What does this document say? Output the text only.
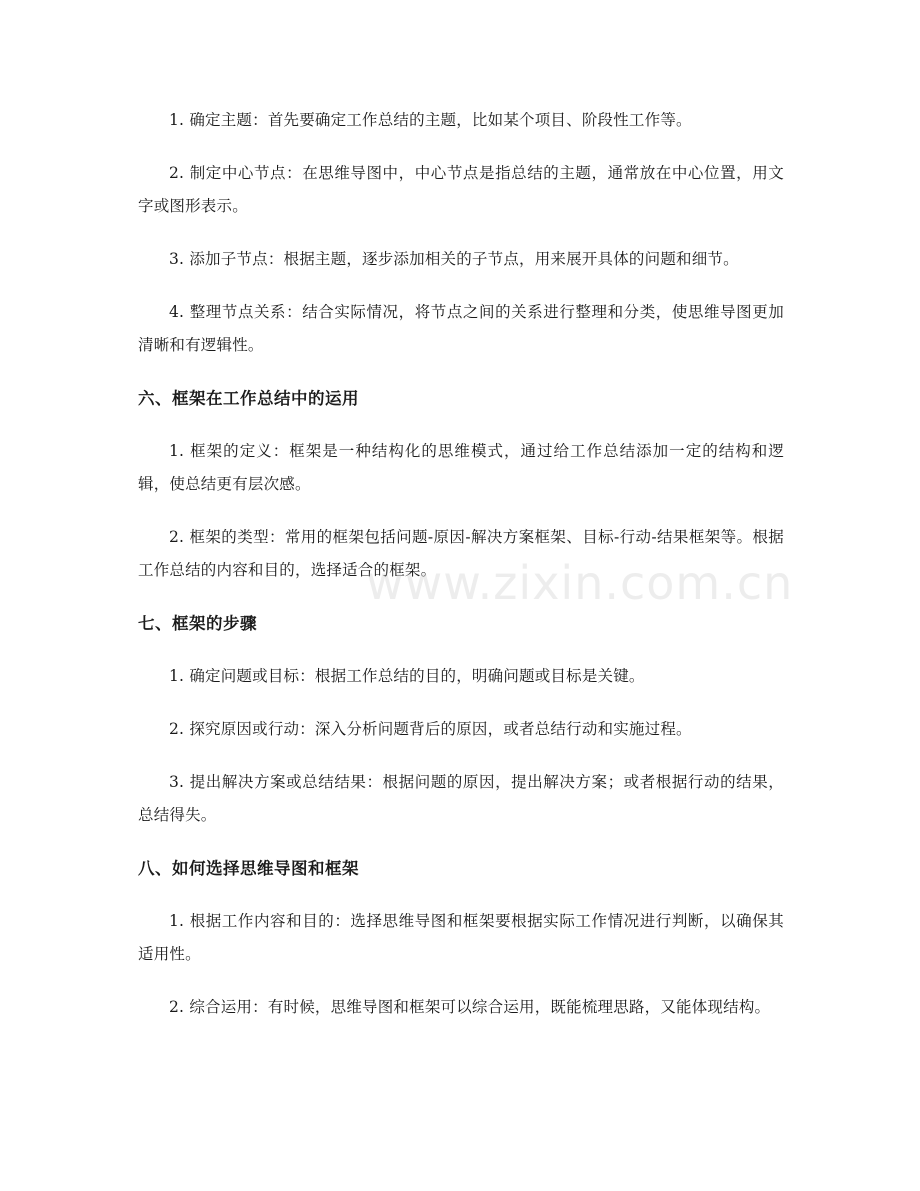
1. 确定主题：首先要确定工作总结的主题，比如某个项目、阶段性工作等。

2. 制定中心节点：在思维导图中，中心节点是指总结的主题，通常放在中心位置，用文字或图形表示。

3. 添加子节点：根据主题，逐步添加相关的子节点，用来展开具体的问题和细节。

4. 整理节点关系：结合实际情况，将节点之间的关系进行整理和分类，使思维导图更加清晰和有逻辑性。

六、框架在工作总结中的运用

1. 框架的定义：框架是一种结构化的思维模式，通过给工作总结添加一定的结构和逻辑，使总结更有层次感。

2. 框架的类型：常用的框架包括问题-原因-解决方案框架、目标-行动-结果框架等。根据工作总结的内容和目的，选择适合的框架。

七、框架的步骤

1. 确定问题或目标：根据工作总结的目的，明确问题或目标是关键。

2. 探究原因或行动：深入分析问题背后的原因，或者总结行动和实施过程。

3. 提出解决方案或总结结果：根据问题的原因，提出解决方案；或者根据行动的结果，总结得失。

八、如何选择思维导图和框架

1. 根据工作内容和目的：选择思维导图和框架要根据实际工作情况进行判断，以确保其适用性。

2. 综合运用：有时候，思维导图和框架可以综合运用，既能梳理思路，又能体现结构。

www.zixin.com.cn
